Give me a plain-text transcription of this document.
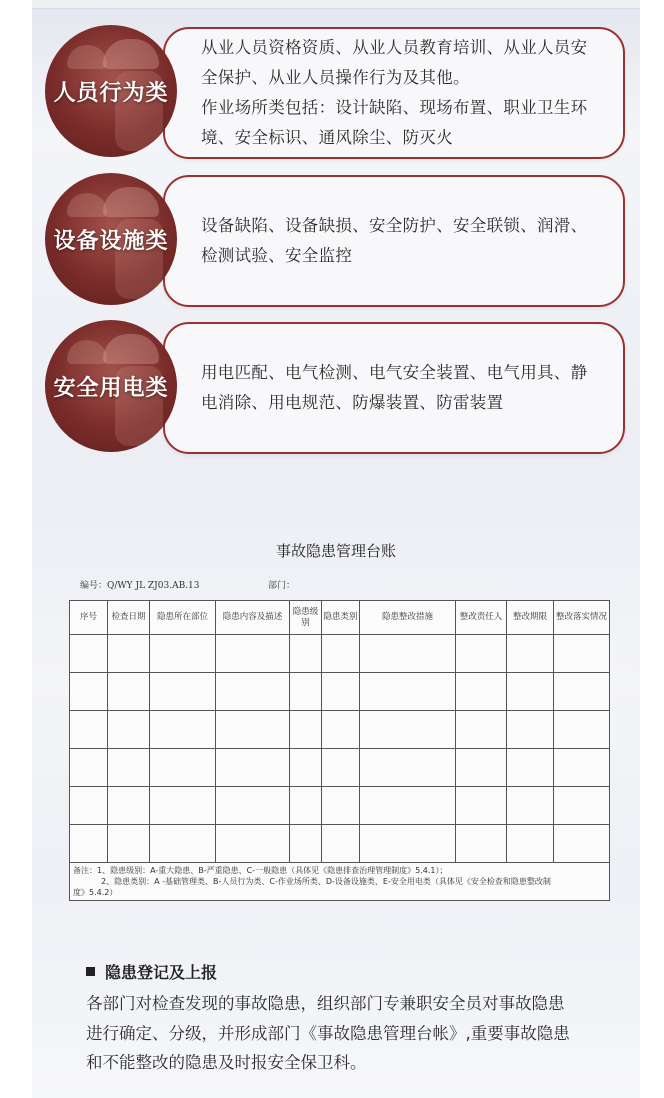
从业人员资格资质、从业人员教育培训、从业人员安
全保护、从业人员操作行为及其他。
作业场所类包括：设计缺陷、现场布置、职业卫生环
境、安全标识、通风除尘、防灭火
人员行为类
设备缺陷、设备缺损、安全防护、安全联锁、润滑、
检测试验、安全监控
设备设施类
用电匹配、电气检测、电气安全装置、电气用具、静
电消除、用电规范、防爆装置、防雷装置
安全用电类
事故隐患管理台账
编号：Q/WY JL ZJ03.AB.13	部门：
序号	检查日期	隐患所在部位	隐患内容及描述	隐患级别	隐患类别	隐患整改措施	整改责任人	整改期限	整改落实情况

备注：1、隐患级别：A-重大隐患、B-严重隐患、C-一般隐患（具体见《隐患排查治理管理制度》5.4.1）；
2、隐患类别：A -基础管理类、B-人员行为类、C-作业场所类、D-设备设施类、E-安全用电类（具体见《安全检查和隐患整改制
度》5.4.2）									
隐患登记及上报
各部门对检查发现的事故隐患，组织部门专兼职安全员对事故隐患
进行确定、分级，并形成部门《事故隐患管理台帐》,重要事故隐患
和不能整改的隐患及时报安全保卫科。
